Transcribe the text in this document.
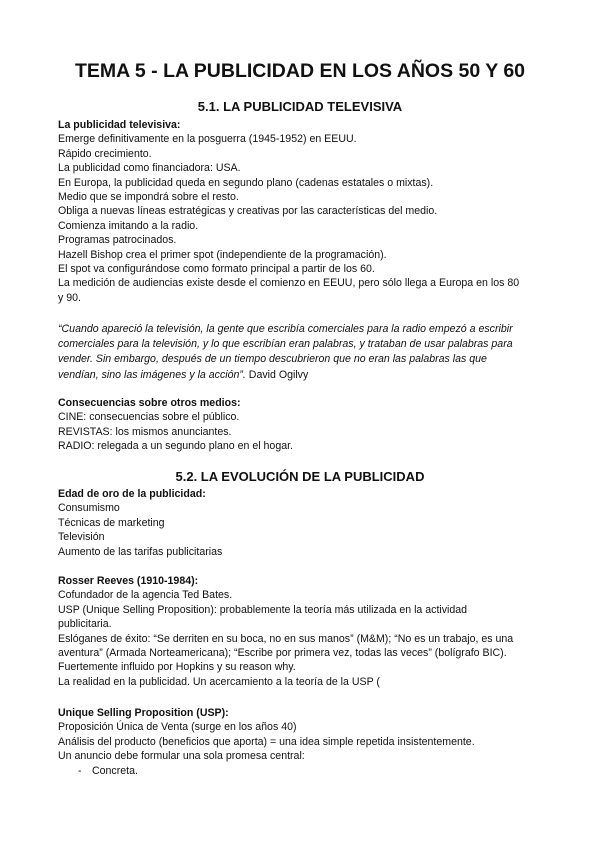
TEMA 5 - LA PUBLICIDAD EN LOS AÑOS 50 Y 60
5.1. LA PUBLICIDAD TELEVISIVA

La publicidad televisiva:

Emerge definitivamente en la posguerra (1945-1952) en EEUU.

Rápido crecimiento.

La publicidad como financiadora: USA.

En Europa, la publicidad queda en segundo plano (cadenas estatales o mixtas).

Medio que se impondrá sobre el resto.

Obliga a nuevas líneas estratégicas y creativas por las características del medio.

Comienza imitando a la radio.

Programas patrocinados.

Hazell Bishop crea el primer spot (independiente de la programación).

El spot va configurándose como formato principal a partir de los 60.

La medición de audiencias existe desde el comienzo en EEUU, pero sólo llega a Europa en los 80

y 90.

“Cuando apareció la televisión, la gente que escribía comerciales para la radio empezó a escribir

comerciales para la televisión, y lo que escribían eran palabras, y trataban de usar palabras para

vender. Sin embargo, después de un tiempo descubrieron que no eran las palabras las que

vendían, sino las imágenes y la acción”. David Ogilvy

Consecuencias sobre otros medios:

CINE: consecuencias sobre el público.

REVISTAS: los mismos anunciantes.

RADIO: relegada a un segundo plano en el hogar.

5.2. LA EVOLUCIÓN DE LA PUBLICIDAD

Edad de oro de la publicidad:

Consumismo

Técnicas de marketing

Televisión

Aumento de las tarifas publicitarias

Rosser Reeves (1910-1984):

Cofundador de la agencia Ted Bates.

USP (Unique Selling Proposition): probablemente la teoría más utilizada en la actividad

publicitaria.

Eslóganes de éxito: “Se derriten en su boca, no en sus manos” (M&M); “No es un trabajo, es una

aventura” (Armada Norteamericana); “Escribe por primera vez, todas las veces” (bolígrafo BIC).

Fuertemente influido por Hopkins y su reason why.

La realidad en la publicidad. Un acercamiento a la teoría de la USP (

Unique Selling Proposition (USP):

Proposición Única de Venta (surge en los años 40)

Análisis del producto (beneficios que aporta) = una idea simple repetida insistentemente.

Un anuncio debe formular una sola promesa central:

- Concreta.
